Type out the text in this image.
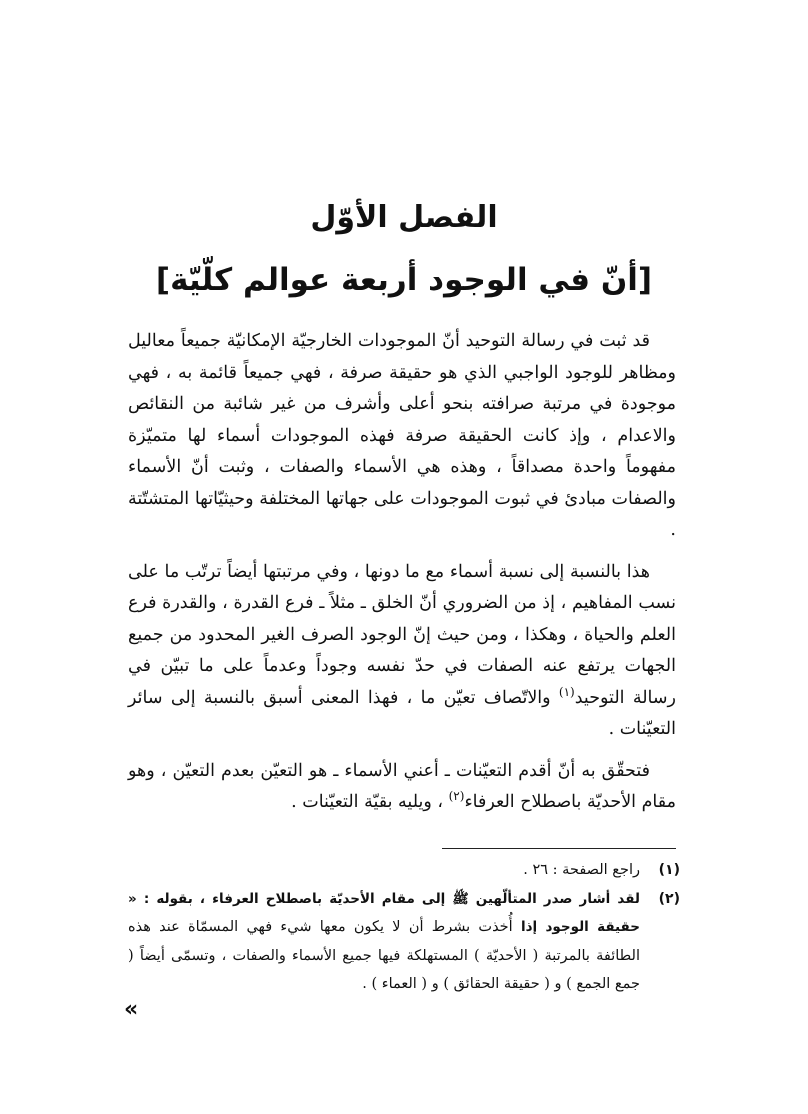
الفصل الأوّل
[أنّ في الوجود أربعة عوالم كلّيّة]

قد ثبت في رسالة التوحيد أنّ الموجودات الخارجيّة الإمكانيّة جميعاً معاليل ومظاهر للوجود الواجبي الذي هو حقيقة صرفة ، فهي جميعاً قائمة به ، فهي موجودة في مرتبة صرافته بنحو أعلى وأشرف من غير شائبة من النقائص والاعدام ، وإذ كانت الحقيقة صرفة فهذه الموجودات أسماء لها متميّزة مفهوماً واحدة مصداقاً ، وهذه هي الأسماء والصفات ، وثبت أنّ الأسماء والصفات مبادئ في ثبوت الموجودات على جهاتها المختلفة وحيثيّاتها المتشتّتة .

هذا بالنسبة إلى نسبة أسماء مع ما دونها ، وفي مرتبتها أيضاً ترتّب ما على نسب المفاهيم ، إذ من الضروري أنّ الخلق ـ مثلاً ـ فرع القدرة ، والقدرة فرع العلم والحياة ، وهكذا ، ومن حيث إنّ الوجود الصرف الغير المحدود من جميع الجهات يرتفع عنه الصفات في حدّ نفسه وجوداً وعدماً على ما تبيّن في رسالة التوحيد$^{(١)}$ والاتّصاف تعيّن ما ، فهذا المعنى أسبق بالنسبة إلى سائر التعيّنات .

فتحقّق به أنّ أقدم التعيّنات ـ أعني الأسماء ـ هو التعيّن بعدم التعيّن ، وهو مقام الأحديّة باصطلاح العرفاء$^{(٢)}$ ، ويليه بقيّة التعيّنات .

(١)
راجع الصفحة : ٢٦ .
(٢)
لقد أشار صدر المتألّهين ﷺ إلى مقام الأحديّة باصطلاح العرفاء ، بقوله : « حقيقة الوجود إذا أُخذت بشرط أن لا يكون معها شيء فهي المسمّاة عند هذه الطائفة بالمرتبة ( الأحديّة ) المستهلكة فيها جميع الأسماء والصفات ، وتسمّى أيضاً ( جمع الجمع ) و ( حقيقة الحقائق ) و ( العماء ) .
«
